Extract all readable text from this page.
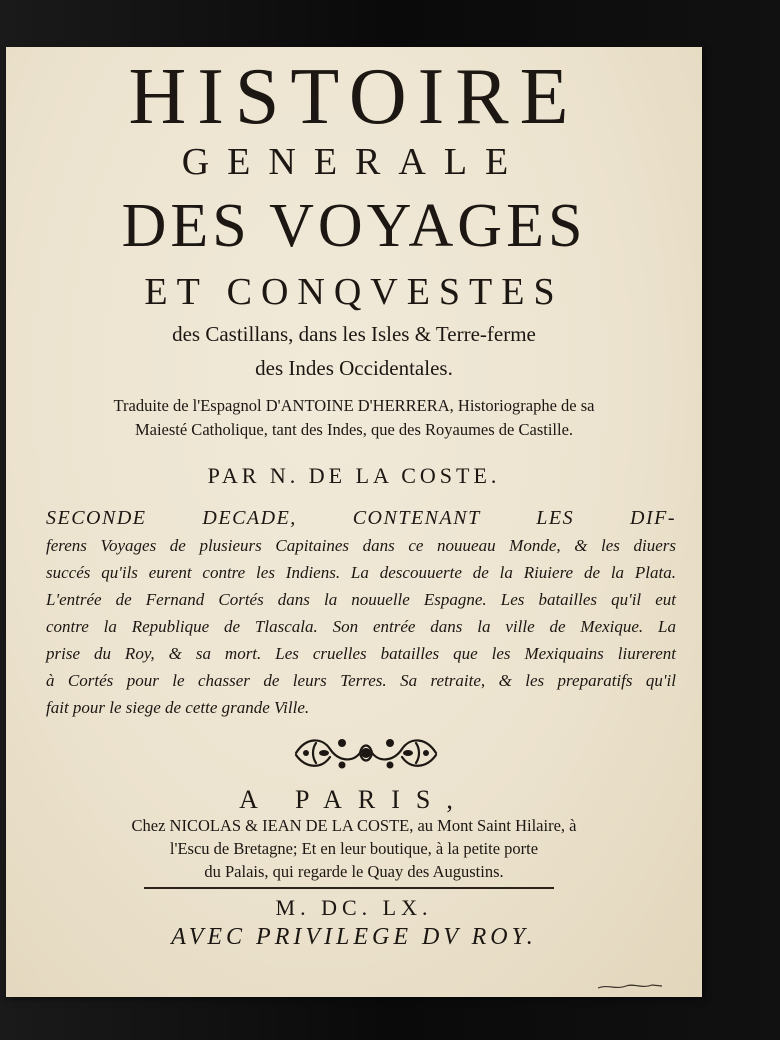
HISTOIRE
GENERALE
DES VOYAGES
ET CONQVESTES
des Castillans, dans les Isles & Terre-ferme
des Indes Occidentales.
Traduite de l'Espagnol D'ANTOINE D'HERRERA, Historiographe de sa
Maiesté Catholique, tant des Indes, que des Royaumes de Castille.
PAR N. DE LA COSTE.
SECONDE DECADE, CONTENANT LES DIF-
ferens Voyages de plusieurs Capitaines dans ce nouueau Monde, & les diuers
succés qu'ils eurent contre les Indiens. La descouuerte de la Riuiere de la Plata.
L'entrée de Fernand Cortés dans la nouuelle Espagne. Les batailles qu'il eut
contre la Republique de Tlascala. Son entrée dans la ville de Mexique. La
prise du Roy, & sa mort. Les cruelles batailles que les Mexiquains liurerent
à Cortés pour le chasser de leurs Terres. Sa retraite, & les preparatifs qu'il
fait pour le siege de cette grande Ville.
A PARIS,
Chez NICOLAS & IEAN DE LA COSTE, au Mont Saint Hilaire, à
l'Escu de Bretagne; Et en leur boutique, à la petite porte
du Palais, qui regarde le Quay des Augustins.
M. DC. LX.
AVEC PRIVILEGE DV ROY.
